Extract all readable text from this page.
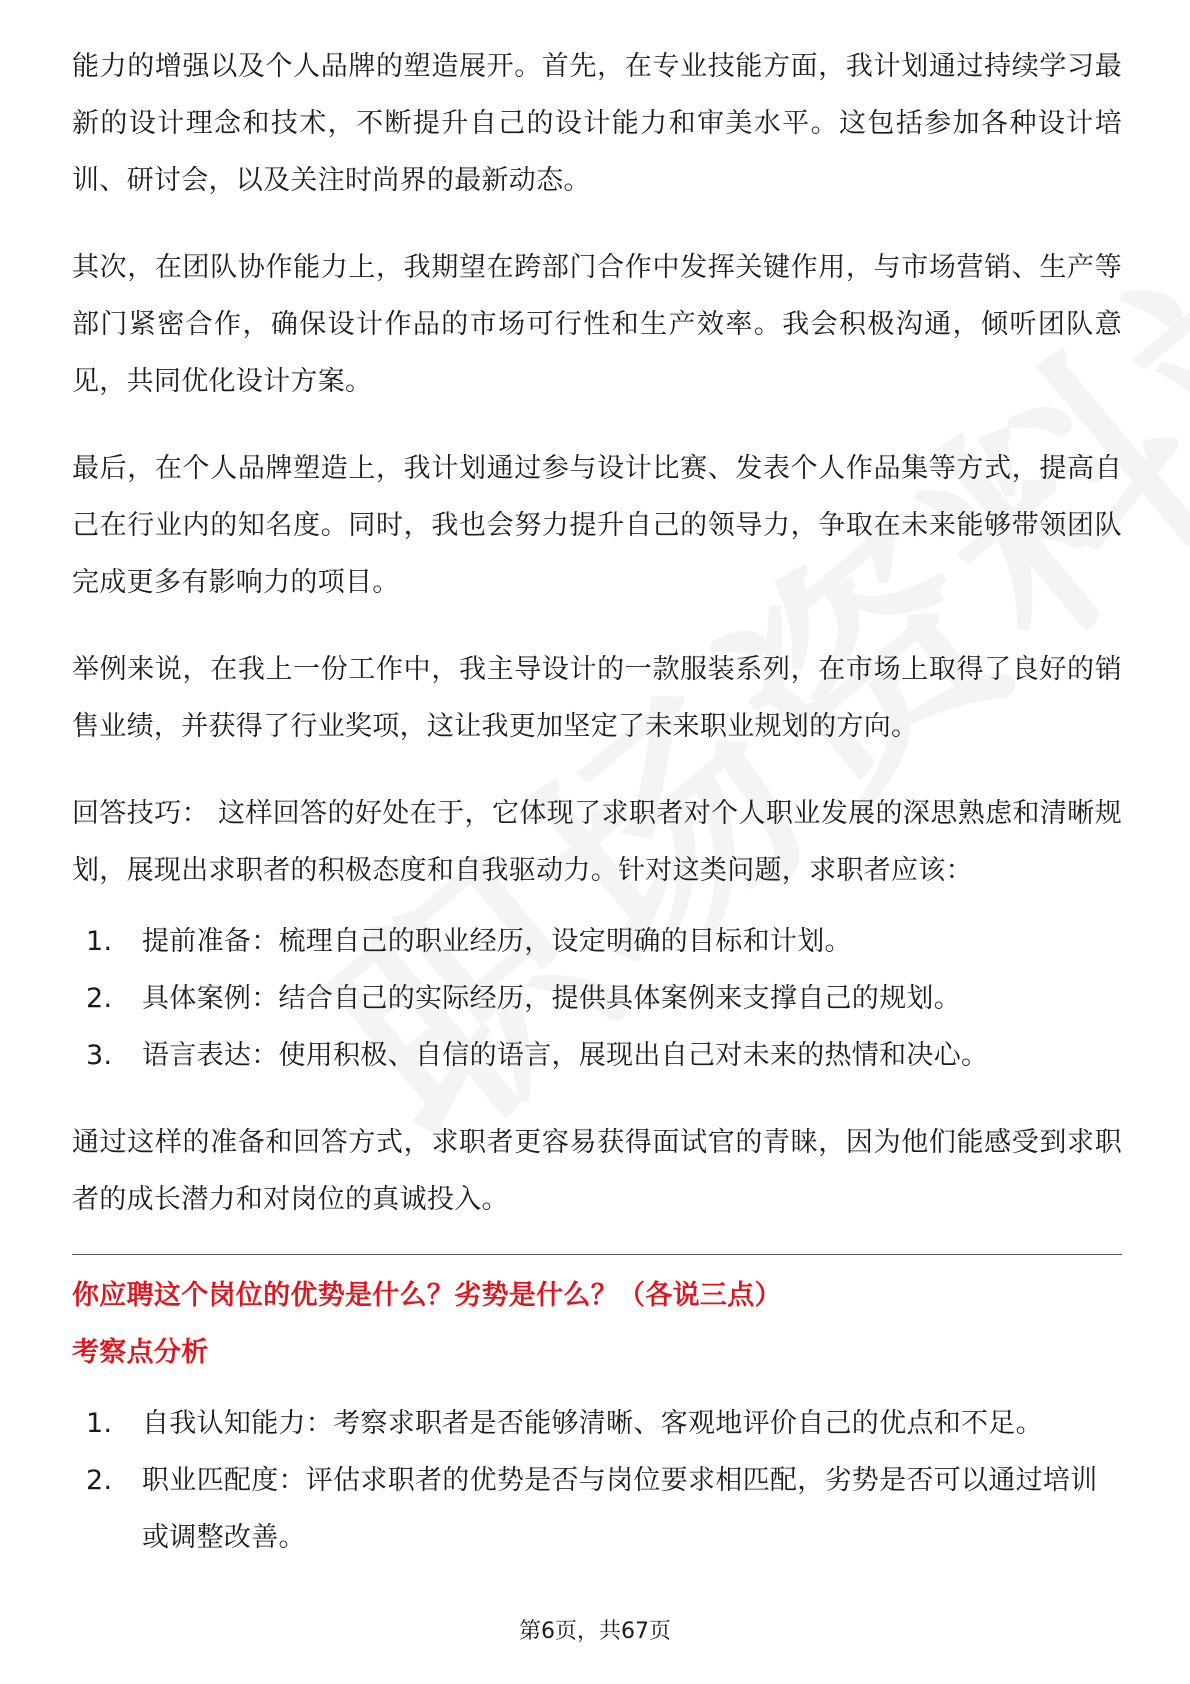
能力的增强以及个人品牌的塑造展开。首先，在专业技能方面，我计划通过持续学习最新的设计理念和技术，不断提升自己的设计能力和审美水平。这包括参加各种设计培训、研讨会，以及关注时尚界的最新动态。

其次，在团队协作能力上，我期望在跨部门合作中发挥关键作用，与市场营销、生产等部门紧密合作，确保设计作品的市场可行性和生产效率。我会积极沟通，倾听团队意见，共同优化设计方案。

最后，在个人品牌塑造上，我计划通过参与设计比赛、发表个人作品集等方式，提高自己在行业内的知名度。同时，我也会努力提升自己的领导力，争取在未来能够带领团队完成更多有影响力的项目。

举例来说，在我上一份工作中，我主导设计的一款服装系列，在市场上取得了良好的销售业绩，并获得了行业奖项，这让我更加坚定了未来职业规划的方向。

回答技巧： 这样回答的好处在于，它体现了求职者对个人职业发展的深思熟虑和清晰规划，展现出求职者的积极态度和自我驱动力。针对这类问题，求职者应该：

1.	提前准备：梳理自己的职业经历，设定明确的目标和计划。
2.	具体案例：结合自己的实际经历，提供具体案例来支撑自己的规划。
3.	语言表达：使用积极、自信的语言，展现出自己对未来的热情和决心。

通过这样的准备和回答方式，求职者更容易获得面试官的青睐，因为他们能感受到求职者的成长潜力和对岗位的真诚投入。

你应聘这个岗位的优势是什么？劣势是什么？（各说三点）

考察点分析

1.	自我认知能力：考察求职者是否能够清晰、客观地评价自己的优点和不足。
2.	职业匹配度：评估求职者的优势是否与岗位要求相匹配，劣势是否可以通过培训或调整改善。
第6页，共67页
